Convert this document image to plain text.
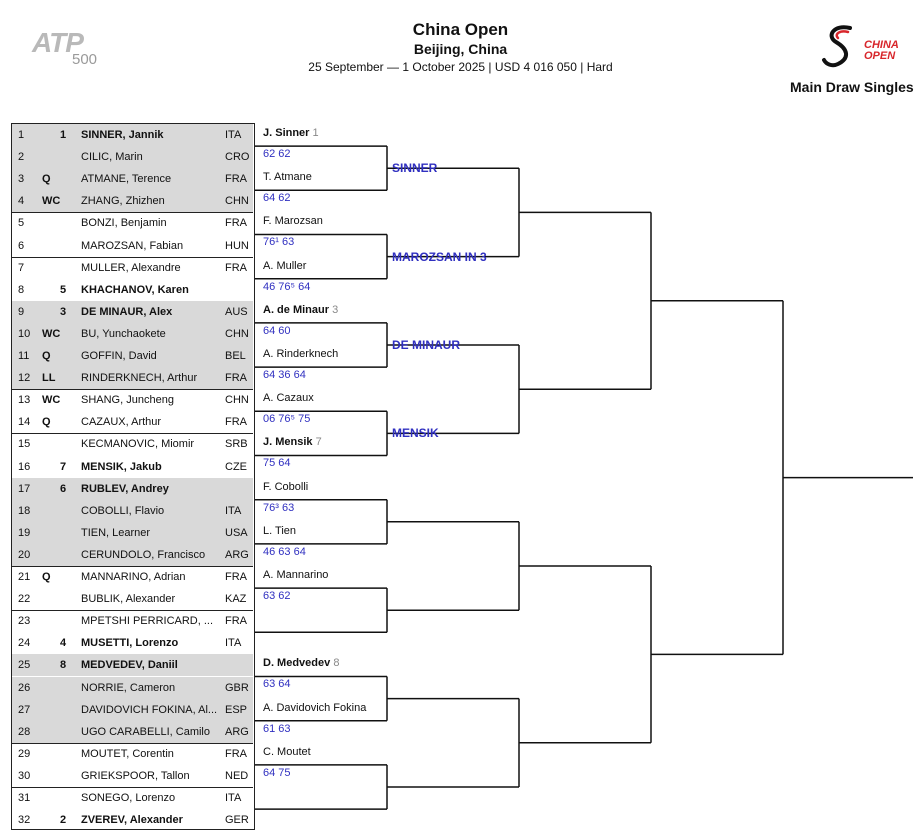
ATP
500
China Open
Beijing, China
25 September — 1 October 2025 | USD 4 016 050 | Hard
CHINA OPEN
Main Draw Singles
1	1 SINNER, Jannik	ITA
2	CILIC, Marin	CRO
3 Q	ATMANE, Terence	FRA
4 WC ZHANG, Zhizhen	CHN
5	BONZI, Benjamin	FRA
6	MAROZSAN, Fabian	HUN
7	MULLER, Alexandre	FRA
8	5 KHACHANOV, Karen
9	3 DE MINAUR, Alex	AUS
10 WC BU, Yunchaokete	CHN
11 Q	GOFFIN, David	BEL
12 LL RINDERKNECH, Arthur	FRA
13 WC SHANG, Juncheng	CHN
14 Q	CAZAUX, Arthur	FRA
15	KECMANOVIC, Miomir	SRB
16	7 MENSIK, Jakub	CZE
17	6 RUBLEV, Andrey
18	COBOLLI, Flavio	ITA
19	TIEN, Learner	USA
20	CERUNDOLO, Francisco	ARG
21 Q	MANNARINO, Adrian	FRA
22	BUBLIK, Alexander	KAZ
23	MPETSHI PERRICARD, ...	FRA
24	4 MUSETTI, Lorenzo	ITA
25	8 MEDVEDEV, Daniil
26	NORRIE, Cameron	GBR
27	DAVIDOVICH FOKINA, Al... ESP
28	UGO CARABELLI, Camilo	ARG
29	MOUTET, Corentin	FRA
30	GRIEKSPOOR, Tallon	NED
31	SONEGO, Lorenzo	ITA
32	2 ZVEREV, Alexander	GER
J. Sinner 1
62 62
T. Atmane
64 62
F. Marozsan
76¹ 63
A. Muller
46 76⁵ 64
A. de Minaur 3
64 60
A. Rinderknech
64 36 64
A. Cazaux
06 76⁵ 75
J. Mensik 7
75 64
F. Cobolli
76³ 63
L. Tien
46 63 64
A. Mannarino
63 62
D. Medvedev 8
63 64
A. Davidovich Fokina
61 63
C. Moutet
64 75
SINNER
MAROZSAN IN 3
DE MINAUR
MENSIK
